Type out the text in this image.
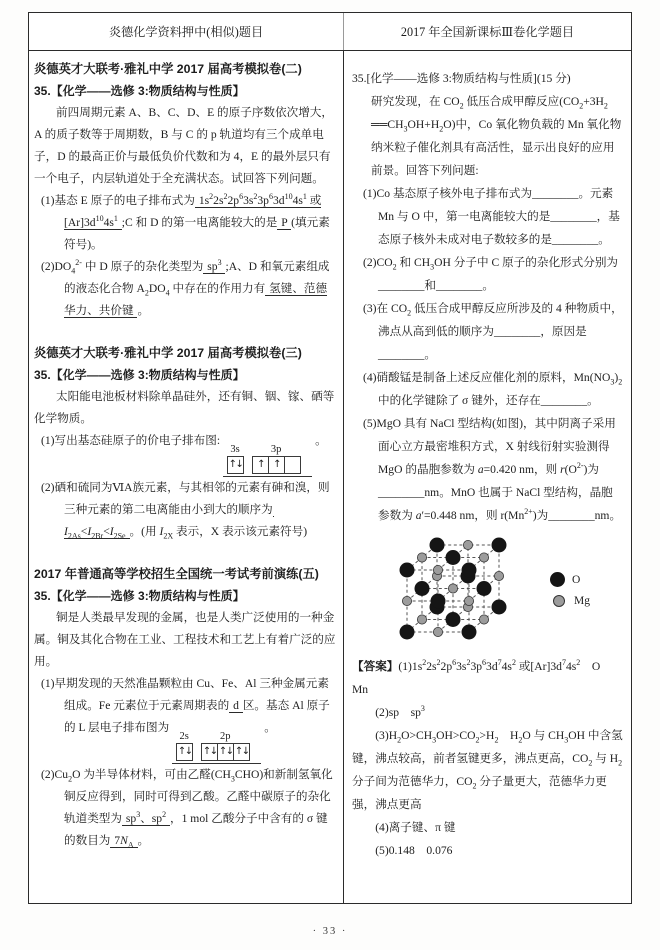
炎德化学资料押中(相似)题目	2017 年全国新课标Ⅲ卷化学题目
炎德英才大联考·雅礼中学 2017 届高考模拟卷(二)
35.【化学——选修 3:物质结构与性质】

前四周期元素 A、B、C、D、E 的原子序数依次增大，A 的质子数等于周期数，B 与 C 的 p 轨道均有三个成单电子，D 的最高正价与最低负价代数和为 4，E 的最外层只有一个电子，内层轨道处于全充满状态。试回答下列问题。

(1)基态 E 原子的电子排布式为 $1s^22s^22p^63s^23p^63d^{10}4s^1$ 或$[Ar]3d^{10}4s^1$ ;C 和 D 的第一电离能较大的是 P (填元素符号)。

$(2)DO_4^{2-}$ 中 D 原子的杂化类型为 $sp^3$ ;A、D 和氧元素组成的液态化合物 $A_2DO_4$ 中存在的作用力有 氢键、范德华力、共价键 。

炎德英才大联考·雅礼中学 2017 届高考模拟卷(三)
35.【化学——选修 3:物质结构与性质】

太阳能电池板材料除单晶硅外，还有铜、铟、镓、硒等化学物质。

(1)写出基态硅原子的价电子排布图:
3s
↑↓
3p
↑ ↑
。

(2)硒和硫同为ⅥA族元素，与其相邻的元素有砷和溴，则三种元素的第二电离能由小到大的顺序为 $I_{2As}<I_{2Br}<I_{2Se}$ 。(用 $I_{2X}$ 表示，X 表示该元素符号)

2017 年普通高等学校招生全国统一考试考前演练(五)
35.【化学——选修 3:物质结构与性质】

铜是人类最早发现的金属，也是人类广泛使用的一种金属。铜及其化合物在工业、工程技术和工艺上有着广泛的应用。

(1)早期发现的天然准晶颗粒由 Cu、Fe、Al 三种金属元素组成。Fe 元素位于元素周期表的 d 区。基态 Al 原子的 L 层电子排布图为
2s
↑↓
2p
↑↓ ↑↓ ↑↓
。

$(2)Cu_2O$ 为半导体材料，可由乙醛$(CH_3CHO)$和新制氢氧化铜反应得到，同时可得到乙酸。乙醛中碳原子的杂化轨道类型为 $sp^3$、$sp^2$ ，1 mol 乙酸分子中含有的 σ 键的数目为 $7N_A$ 。

35.[化学——选修 3:物质结构与性质](15 分)

研究发现，在 $CO_2$ 低压合成甲醇反应($CO_2+3H_2$ $══CH_3OH+H_2O$)中，Co 氧化物负载的 Mn 氧化物纳米粒子催化剂具有高活性，显示出良好的应用前景。回答下列问题:

(1)Co 基态原子核外电子排布式为________。元素 Mn 与 O 中，第一电离能较大的是________，基态原子核外未成对电子数较多的是________。

$(2)CO_2$ 和 $CH_3OH$ 分子中 C 原子的杂化形式分别为________和________。

(3)在 $CO_2$ 低压合成甲醇反应所涉及的 4 种物质中，沸点从高到低的顺序为________，原因是________。

(4)硝酸锰是制备上述反应催化剂的原料，$Mn(NO_3)_2$ 中的化学键除了 σ 键外，还存在________。

(5)MgO 具有 NaCl 型结构(如图)，其中阴离子采用面心立方最密堆积方式，X 射线衍射实验测得 MgO 的晶胞参数为 a=0.420 nm，则 $r(O^{2-})$为________nm。MnO 也属于 NaCl 型结构，晶胞参数为 a′=0.448 nm，则 $r(Mn^{2+})$为________nm。

O
Mg

【答案】$(1)1s^22s^22p^63s^23p^63d^74s^2$ 或$[Ar]3d^74s^2$　O　Mn

(2)sp　$sp^3$

$(3)H_2O>CH_3OH>CO_2>H_2$　$H_2O$ 与 $CH_3OH$ 中含氢键，沸点较高，前者氢键更多，沸点更高，$CO_2$ 与 $H_2$ 分子间为范德华力，$CO_2$ 分子量更大，范德华力更强，沸点更高

(4)离子键、π 键

(5)0.148　0.076

· 33 ·
